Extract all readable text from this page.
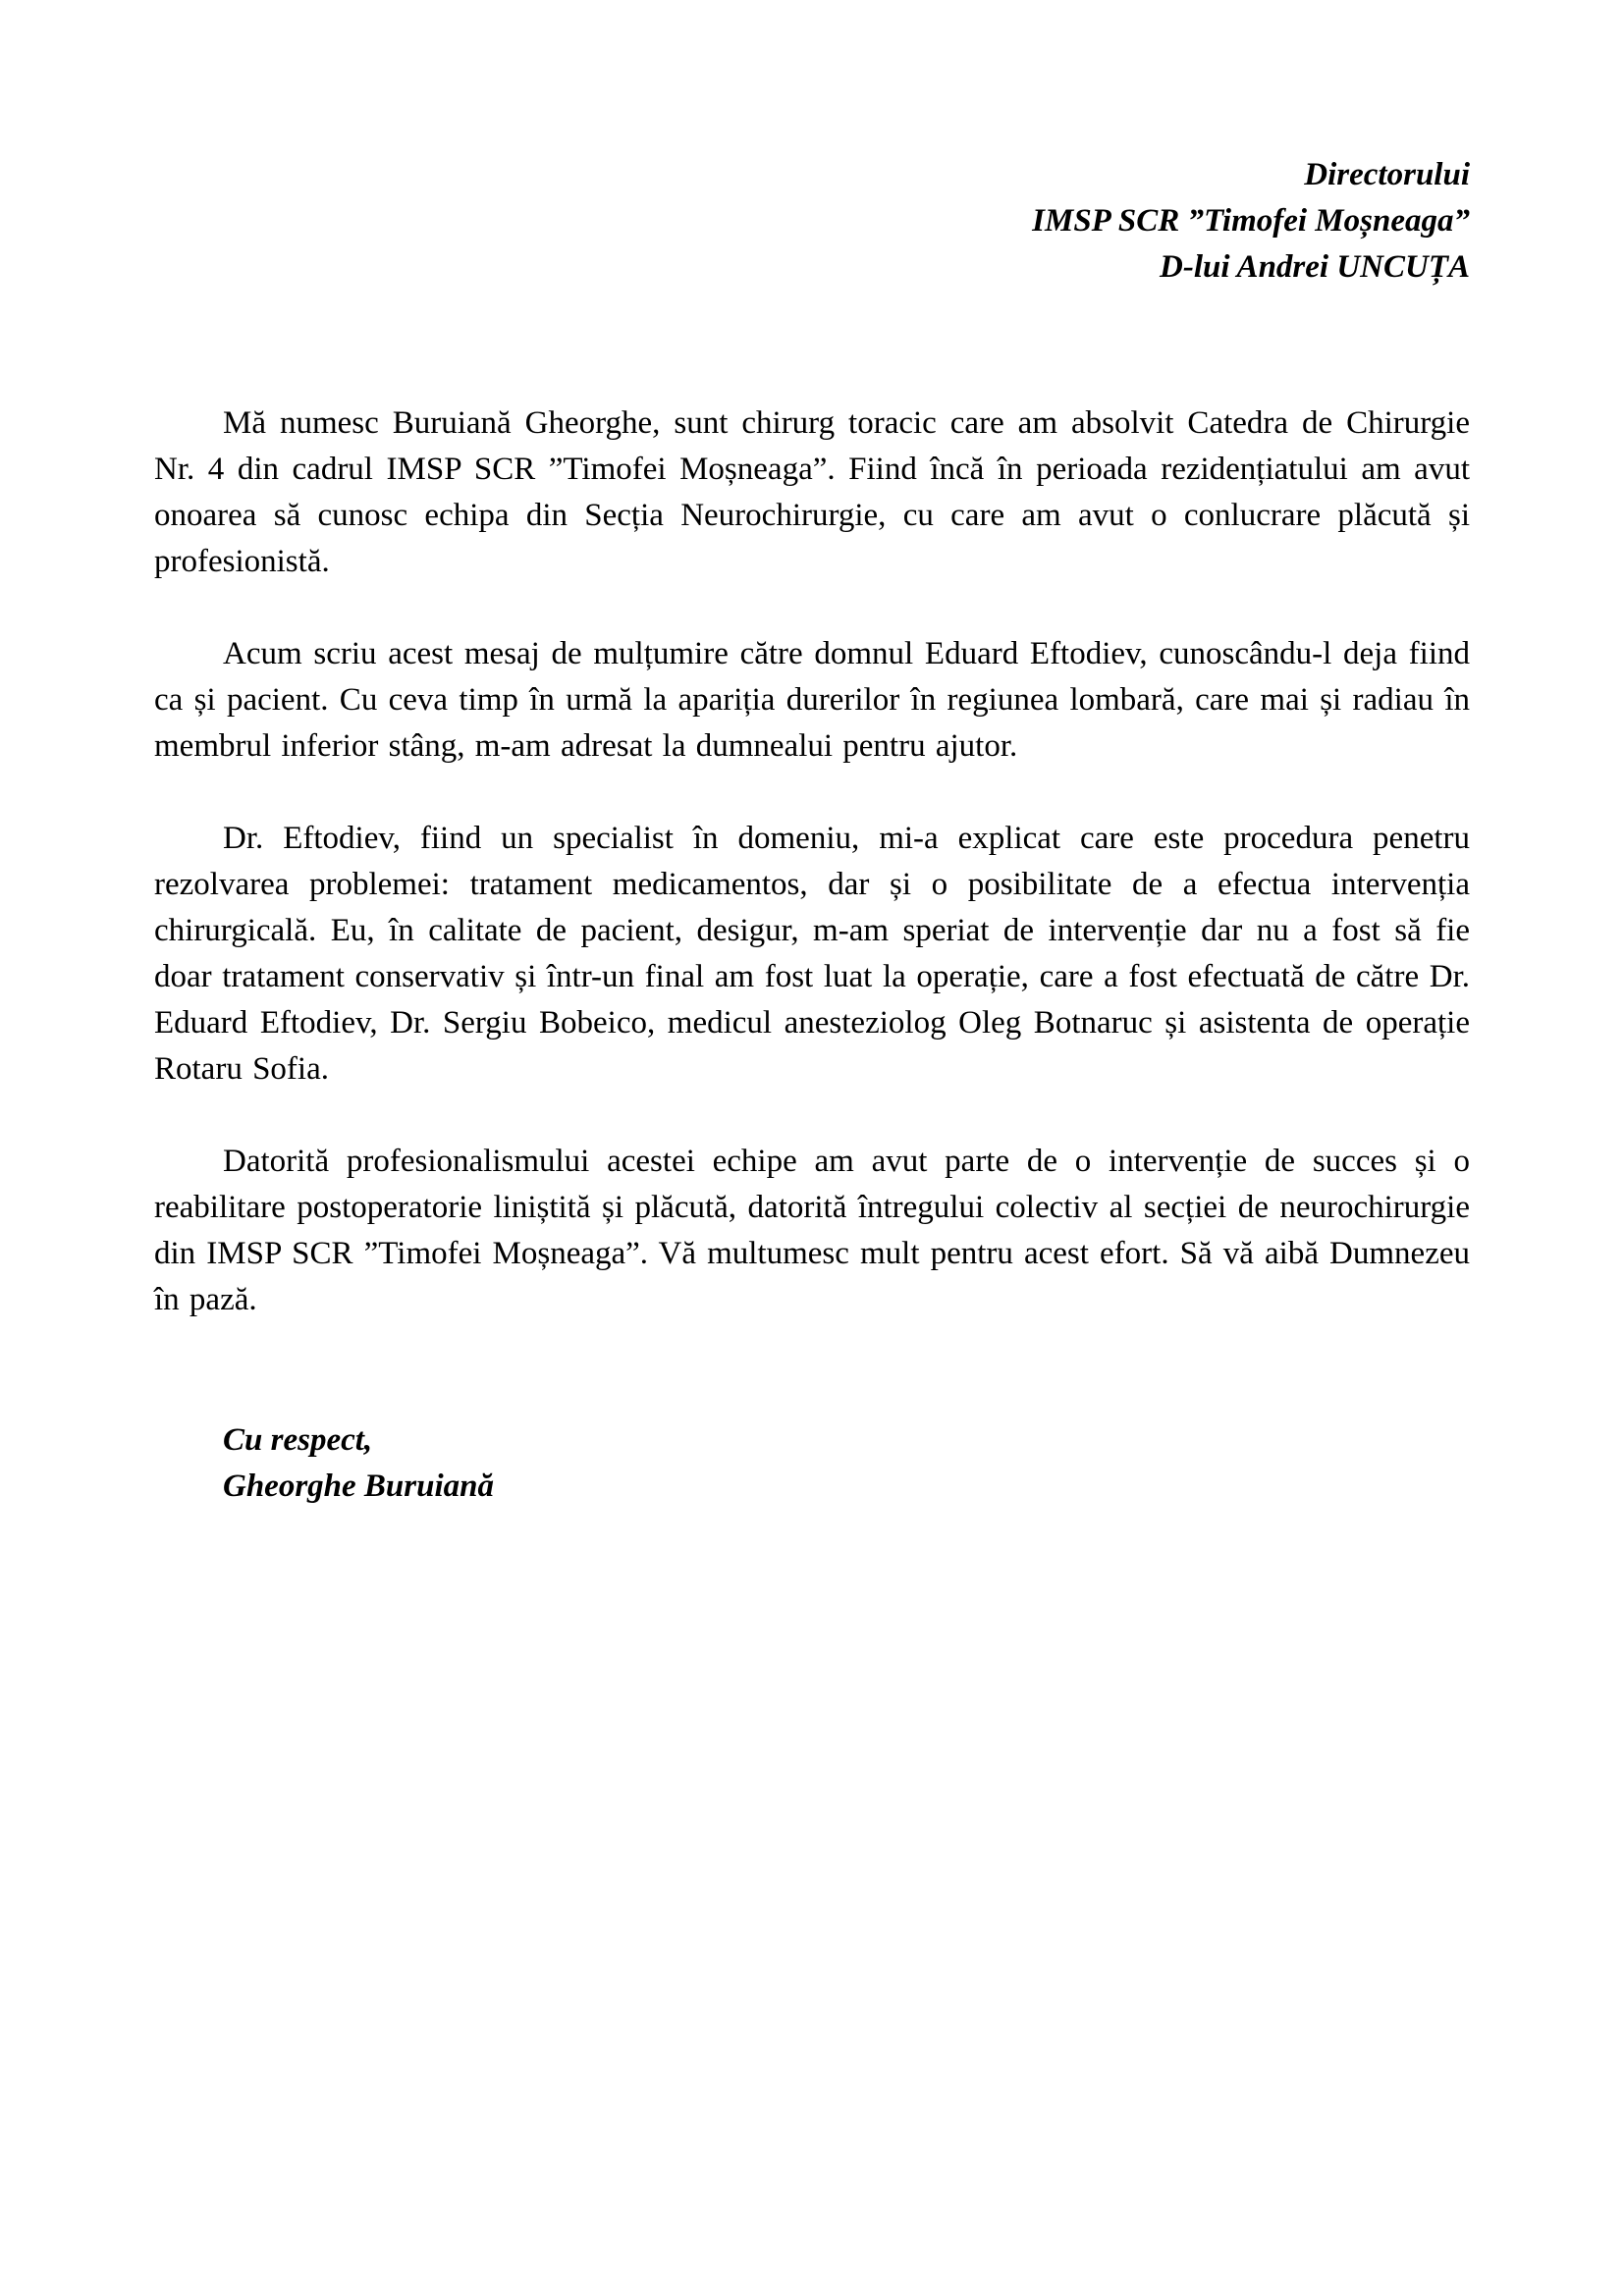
Directorului
IMSP SCR ”Timofei Moșneaga”
D-lui Andrei UNCUȚA

Mă numesc Buruiană Gheorghe, sunt chirurg toracic care am absolvit Catedra de Chirurgie Nr. 4 din cadrul IMSP SCR ”Timofei Moșneaga”. Fiind încă în perioada rezidențiatului am avut onoarea să cunosc echipa din Secția Neurochirurgie, cu care am avut o conlucrare plăcută și profesionistă.

Acum scriu acest mesaj de mulțumire către domnul Eduard Eftodiev, cunoscându-l deja fiind ca și pacient. Cu ceva timp în urmă la apariția durerilor în regiunea lombară, care mai și radiau în membrul inferior stâng, m-am adresat la dumnealui pentru ajutor.

Dr. Eftodiev, fiind un specialist în domeniu, mi-a explicat care este procedura penetru rezolvarea problemei: tratament medicamentos, dar și o posibilitate de a efectua intervenția chirurgicală. Eu, în calitate de pacient, desigur, m-am speriat de intervenție dar nu a fost să fie doar tratament conservativ și într-un final am fost luat la operație, care a fost efectuată de către Dr. Eduard Eftodiev, Dr. Sergiu Bobeico, medicul anesteziolog Oleg Botnaruc și asistenta de operație Rotaru Sofia.

Datorită profesionalismului acestei echipe am avut parte de o intervenție de succes și o reabilitare postoperatorie liniștită și plăcută, datorită întregului colectiv al secției de neurochirurgie din IMSP SCR ”Timofei Moșneaga”. Vă multumesc mult pentru acest efort. Să vă aibă Dumnezeu în pază.

Cu respect,
Gheorghe Buruiană
